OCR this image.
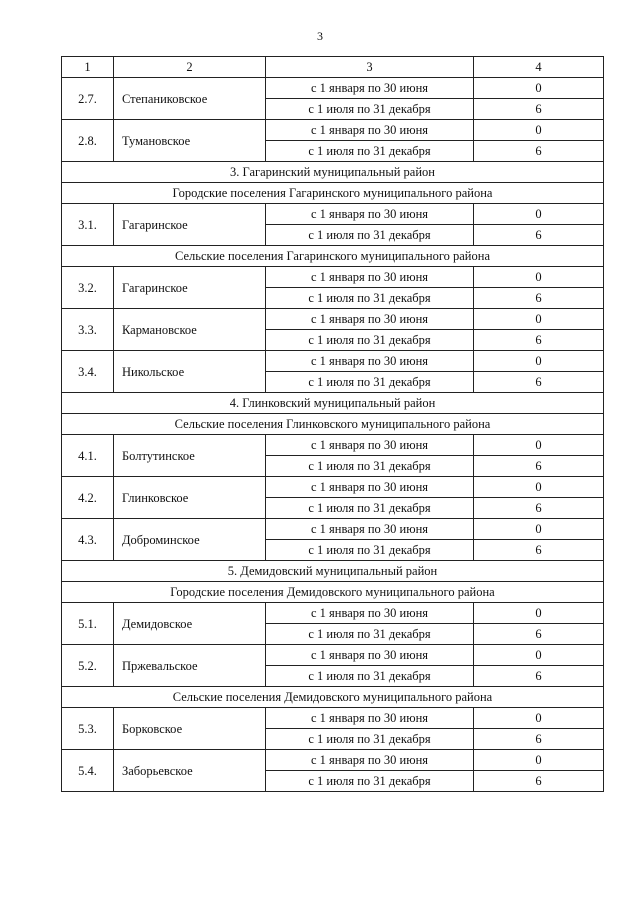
3
1	2	3	4
2.7.	Степаниковское	с 1 января по 30 июня	0
		с 1 июля по 31 декабря	6
2.8.	Тумановское	с 1 января по 30 июня	0
		с 1 июля по 31 декабря	6
3. Гагаринский муниципальный район			
Городские поселения Гагаринского муниципального района			
3.1.	Гагаринское	с 1 января по 30 июня	0
		с 1 июля по 31 декабря	6
Сельские поселения Гагаринского муниципального района			
3.2.	Гагаринское	с 1 января по 30 июня	0
		с 1 июля по 31 декабря	6
3.3.	Кармановское	с 1 января по 30 июня	0
		с 1 июля по 31 декабря	6
3.4.	Никольское	с 1 января по 30 июня	0
		с 1 июля по 31 декабря	6
4. Глинковский муниципальный район			
Сельские поселения Глинковского муниципального района			
4.1.	Болтутинское	с 1 января по 30 июня	0
		с 1 июля по 31 декабря	6
4.2.	Глинковское	с 1 января по 30 июня	0
		с 1 июля по 31 декабря	6
4.3.	Доброминское	с 1 января по 30 июня	0
		с 1 июля по 31 декабря	6
5. Демидовский муниципальный район			
Городские поселения Демидовского муниципального района			
5.1.	Демидовское	с 1 января по 30 июня	0
		с 1 июля по 31 декабря	6
5.2.	Пржевальское	с 1 января по 30 июня	0
		с 1 июля по 31 декабря	6
Сельские поселения Демидовского муниципального района			
5.3.	Борковское	с 1 января по 30 июня	0
		с 1 июля по 31 декабря	6
5.4.	Заборьевское	с 1 января по 30 июня	0
		с 1 июля по 31 декабря	6
